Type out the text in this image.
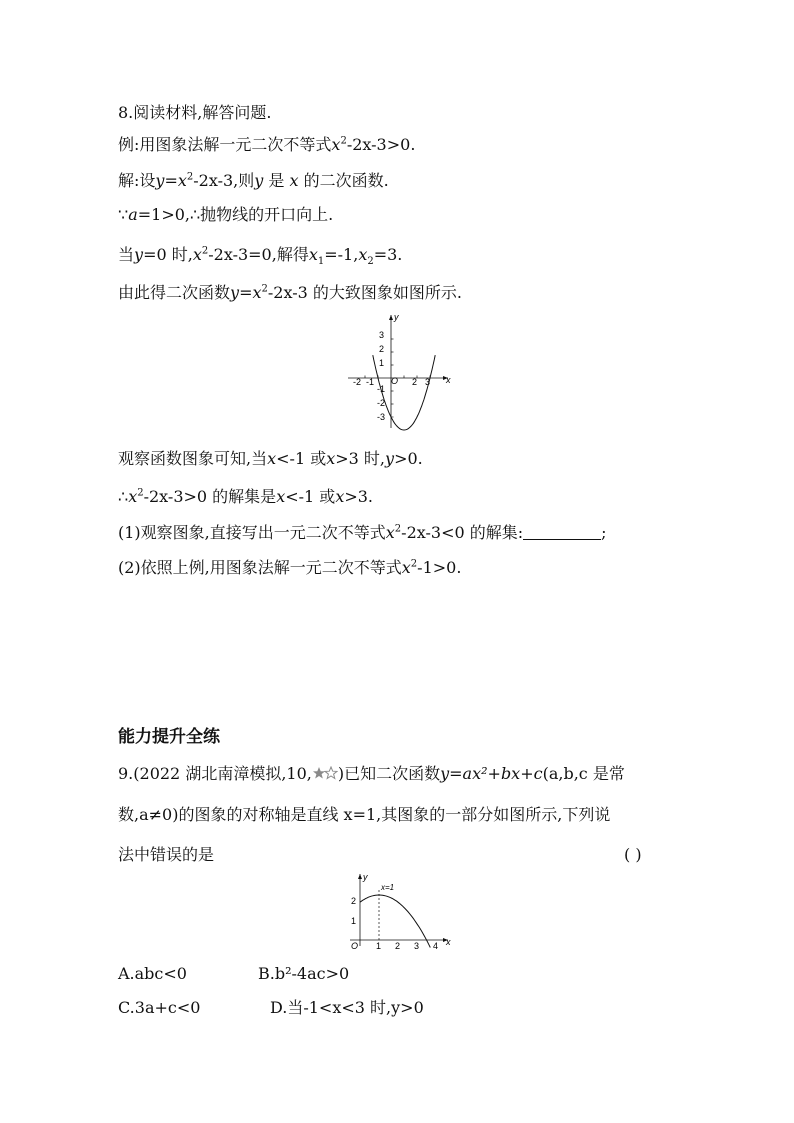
8.阅读材料,解答问题.
例:用图象法解一元二次不等式$x^2-2x-3>0$.
解:设$y=x^2-2x-3$,则y 是 x 的二次函数.
∵a=1>0,∴抛物线的开口向上.
当y=0 时$,x^2-2x-3=0$,解得$x_1=-1,x_2=3$.
由此得二次函数$y=x^2-2x-3$ 的大致图象如图所示.
x
y
O
-2 -1	2 3
3
2
1
-1
-2
-3
观察函数图象可知,当x<-1 或x>3 时,y>0.
$\therefore x^2-2x-3>0$ 的解集是x<-1 或x>3.
(1)观察图象,直接写出一元二次不等式$x^2-2x-3<0$ 的解集:	;
(2)依照上例,用图象法解一元二次不等式$x^2-1>0$.
能力提升全练
9.(2022 湖北南漳模拟,10, )已知二次函数y=ax²+bx+c(a,b,c 是常
数,a≠0)的图象的对称轴是直线 x=1,其图象的一部分如图所示,下列说
法中错误的是	( )
x
y
x=1
O 1 2 3 4
2
1
A.abc<0	B.b²-4ac>0
C.3a+c<0	D.当-1<x<3 时,y>0
